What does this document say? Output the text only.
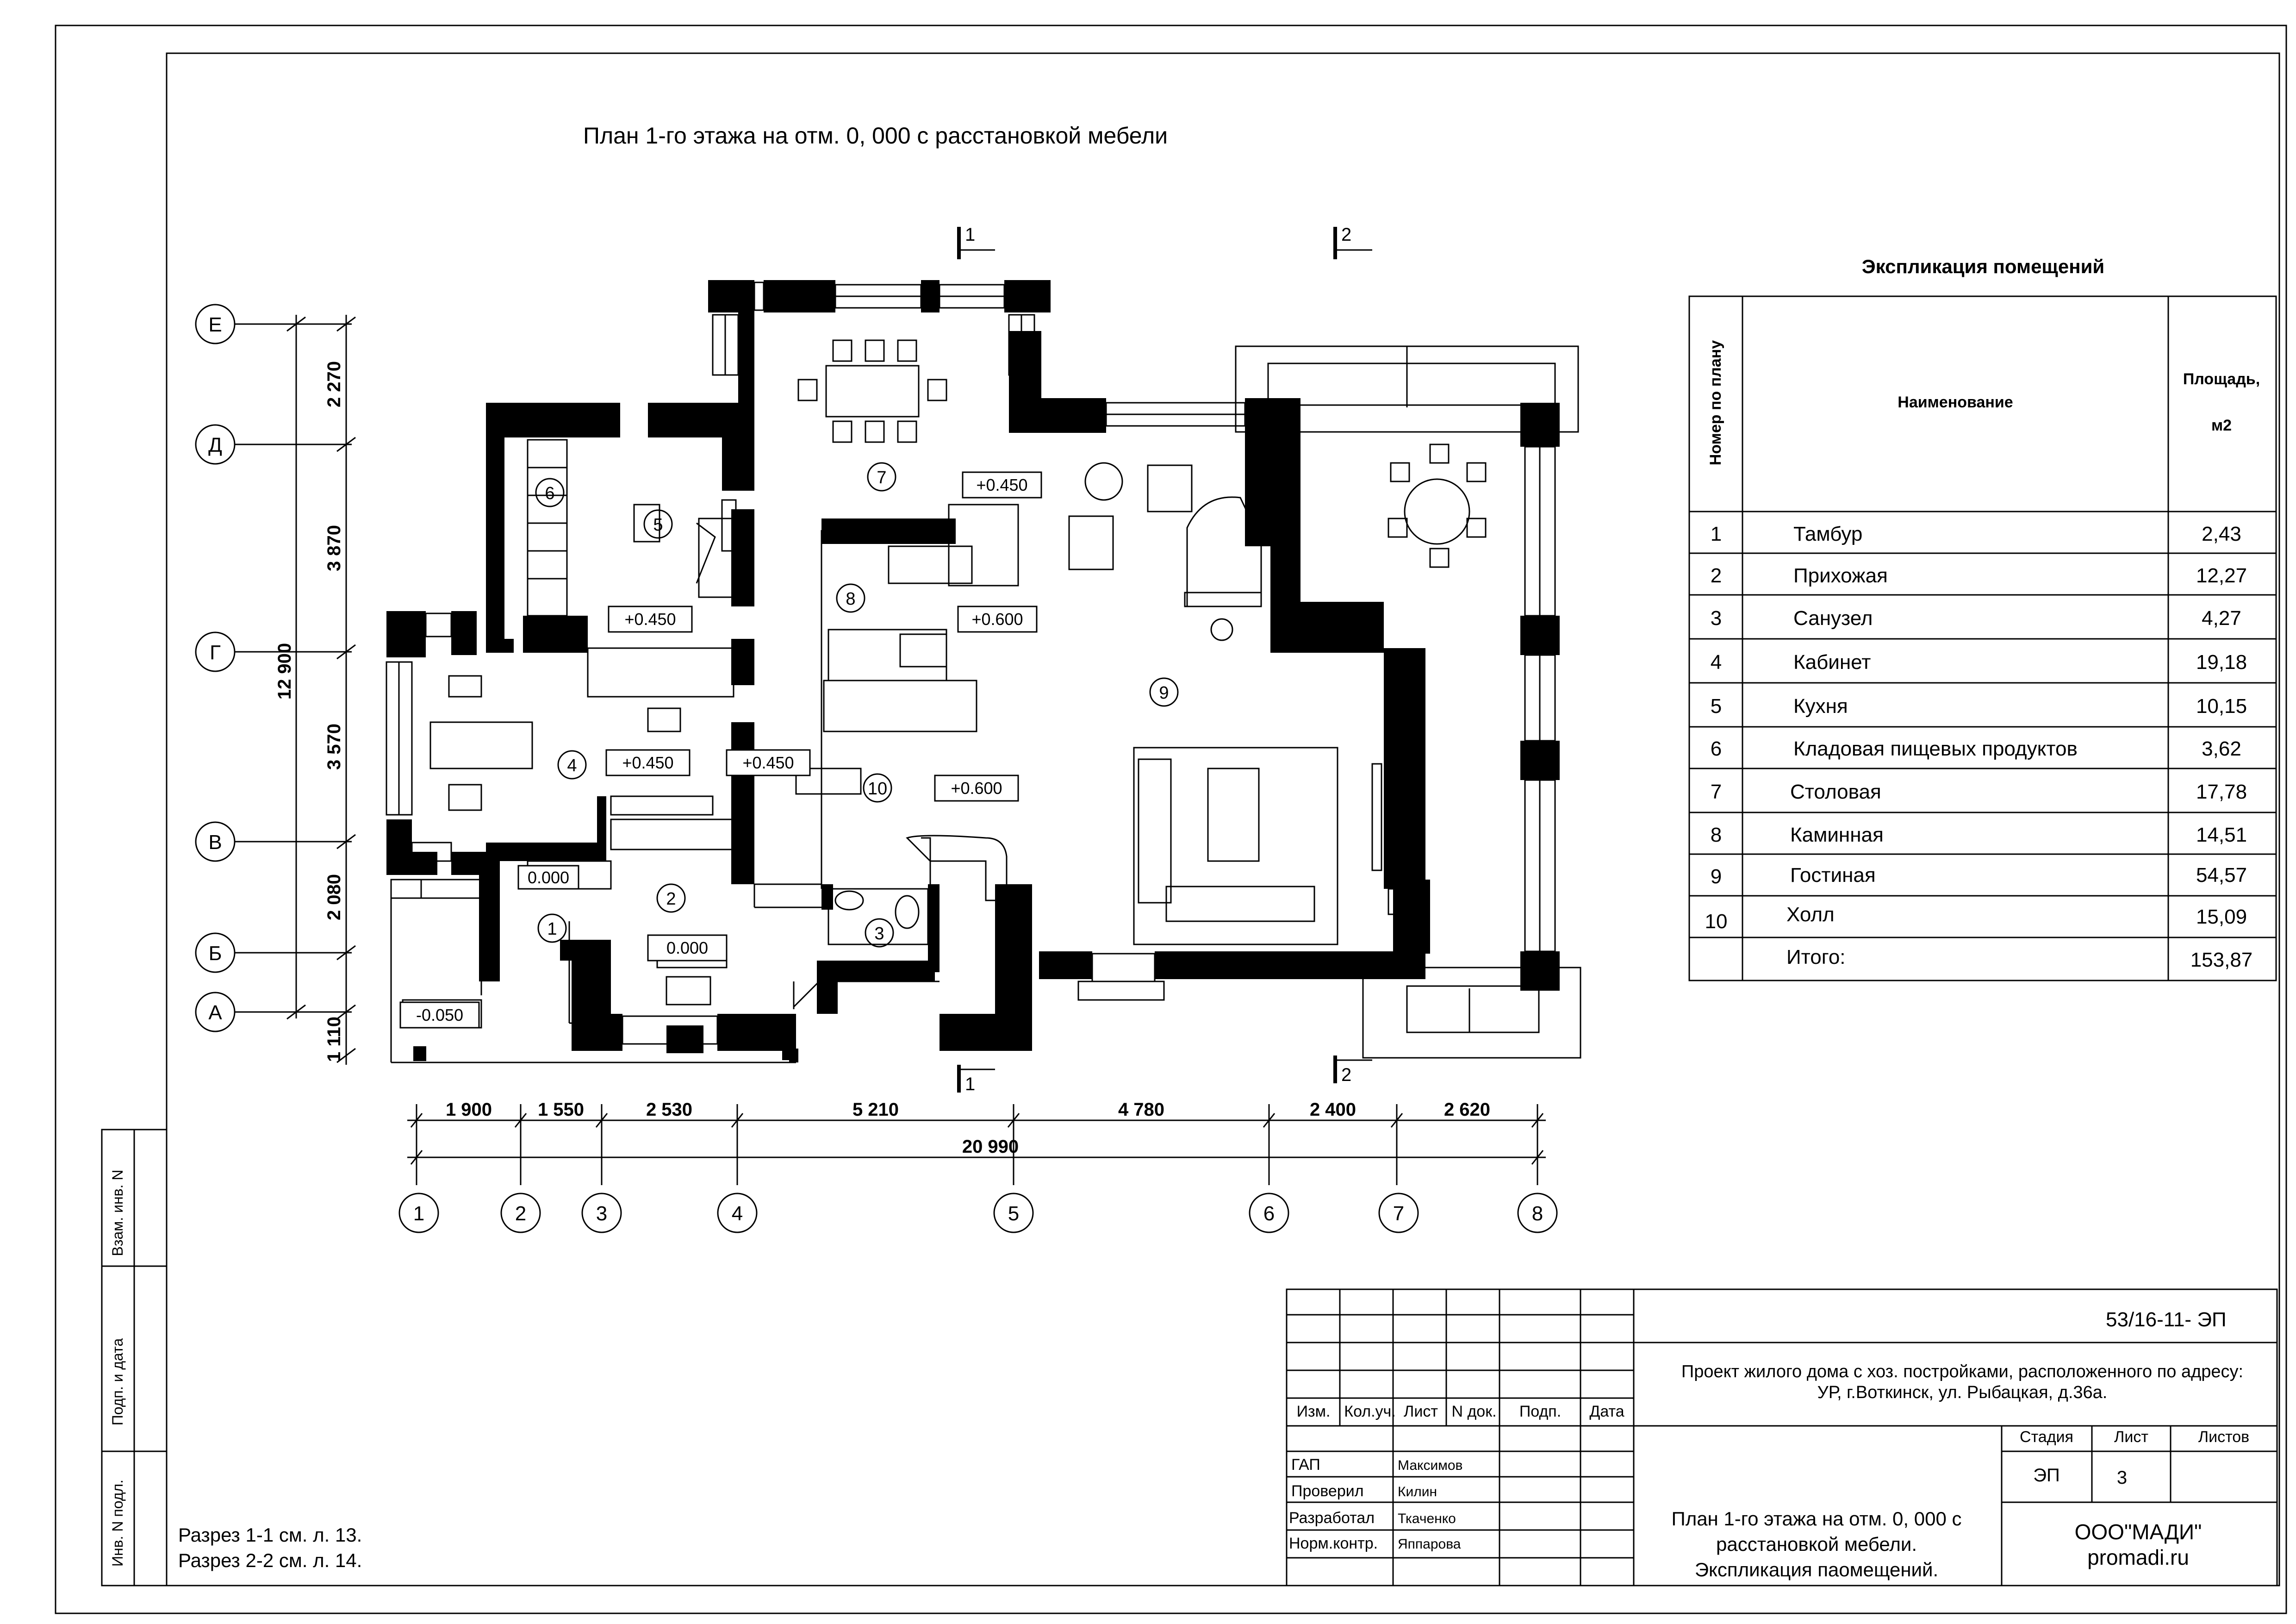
План 1-го этажа на отм. 0, 000 с расстановкой мебели
1	2
1	2
Е
Д
Г
В
Б
А
2 270
3 870
3 570
2 080
1 110
12 900
1 900 1 550	2 530	5 210	4 780	2 400	2 620
20 990
1	2	3	4	5	6	7	8
1
2
3
4
5
6
7
8
9
10
+0.450
+0.450	+0.600
+0.450	+0.450
+0.600
0.000
0.000
-0.050
Экспликация помещений
Номер по плану	Наименование
Площадь,
м2
1	Тамбур	2,43
2	Прихожая	12,27
3	Санузел	4,27
4	Кабинет	19,18
5	Кухня	10,15
6	Кладовая пищевых продуктов	3,62
7	Столовая	17,78
8	Каминная	14,51
9	Гостиная	54,57
10	Холл	15,09
Итого:	153,87
Взам. инв. N
Подп. и дата
Инв. N подл.	Разрез 1-1 см. л. 13.
Разрез 2-2 см. л. 14.
53/16-11- ЭП
Проект жилого дома с хоз. постройками, расположенного по адресу:
УР, г.Воткинск, ул. Рыбацкая, д.36а.
Изм. Кол.уч. Лист N док. Подп. Дата
ГАП	Максимов
Проверил Килин
Разработал Ткаченко
Норм.контр. Яппарова
План 1-го этажа на отм. 0, 000 с
расстановкой мебели.
Экспликация паомещений.
Стадия	Лист	Листов
ЭП	3
ООО"МАДИ"
promadi.ru
